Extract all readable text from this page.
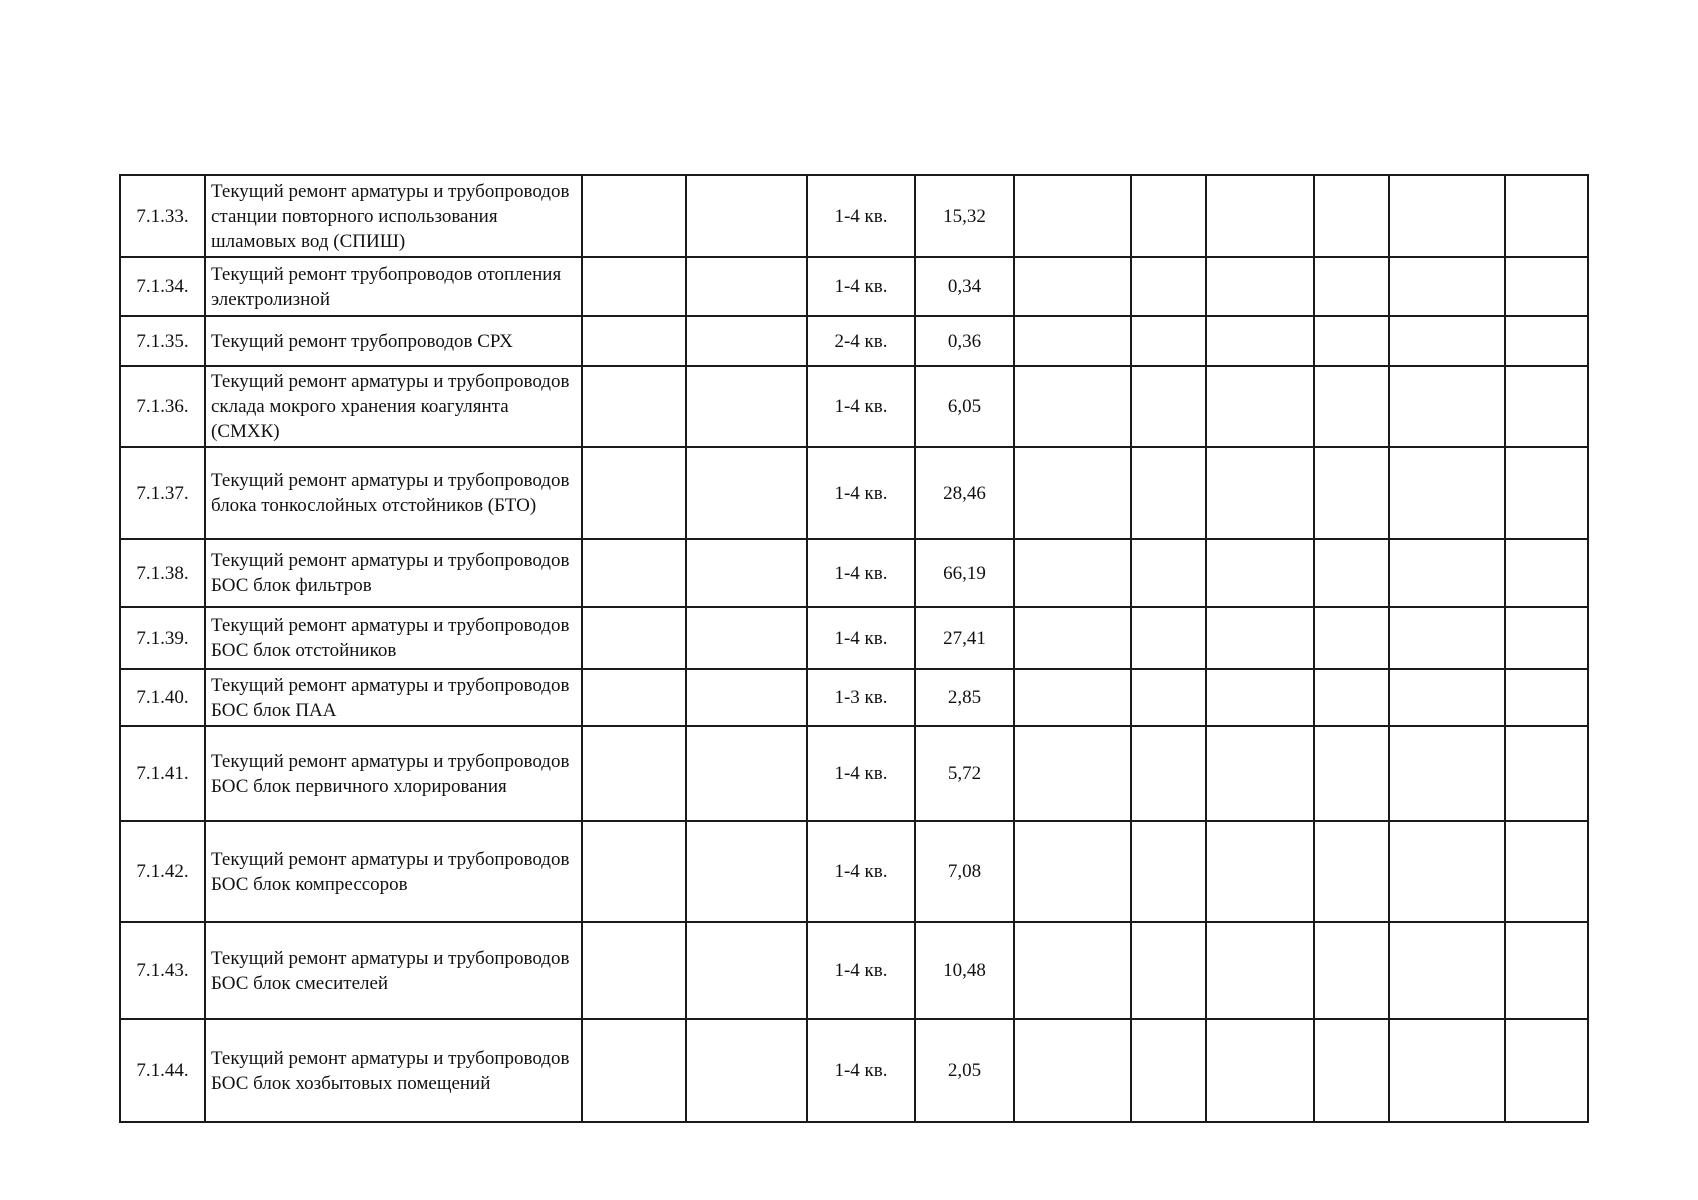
7.1.33.	Текущий ремонт арматуры и трубопроводов станции повторного использования шламовых вод (СПИШ)			1-4 кв.	15,32						
7.1.34.	Текущий ремонт трубопроводов отопления электролизной			1-4 кв.	0,34						
7.1.35.	Текущий ремонт трубопроводов СРХ			2-4 кв.	0,36						
7.1.36.	Текущий ремонт арматуры и трубопроводов склада мокрого хранения коагулянта (СМХК)			1-4 кв.	6,05						
7.1.37.	Текущий ремонт арматуры и трубопроводов блока тонкослойных отстойников (БТО)			1-4 кв.	28,46						
7.1.38.	Текущий ремонт арматуры и трубопроводов БОС блок фильтров			1-4 кв.	66,19						
7.1.39.	Текущий ремонт арматуры и трубопроводов БОС блок отстойников			1-4 кв.	27,41						
7.1.40.	Текущий ремонт арматуры и трубопроводов БОС блок ПАА			1-3 кв.	2,85						
7.1.41.	Текущий ремонт арматуры и трубопроводов БОС блок первичного хлорирования			1-4 кв.	5,72						
7.1.42.	Текущий ремонт арматуры и трубопроводов БОС блок компрессоров			1-4 кв.	7,08						
7.1.43.	Текущий ремонт арматуры и трубопроводов БОС блок смесителей			1-4 кв.	10,48						
7.1.44.	Текущий ремонт арматуры и трубопроводов БОС блок хозбытовых помещений			1-4 кв.	2,05						
